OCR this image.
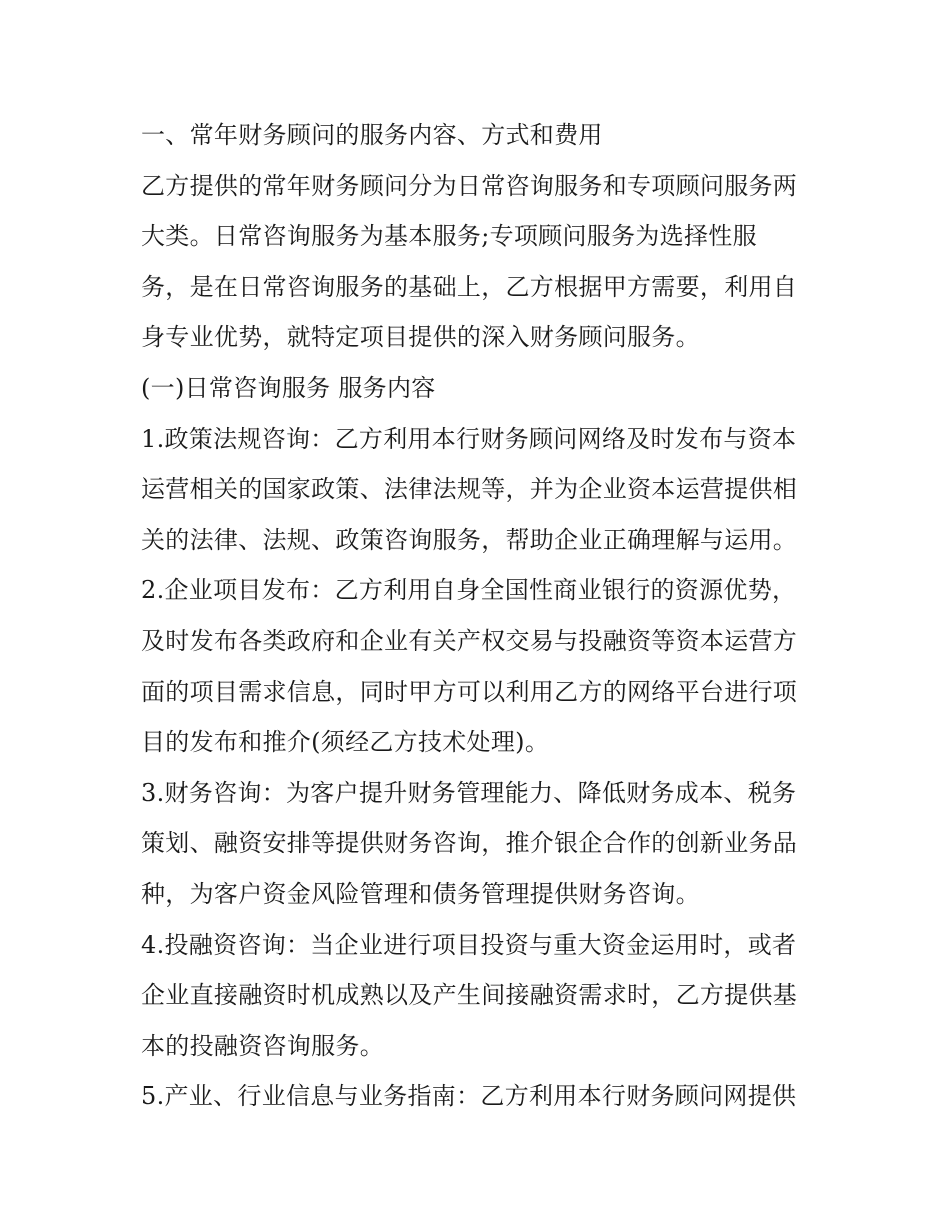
一、常年财务顾问的服务内容、方式和费用
乙方提供的常年财务顾问分为日常咨询服务和专项顾问服务两
大类。日常咨询服务为基本服务;专项顾问服务为选择性服
务，是在日常咨询服务的基础上，乙方根据甲方需要，利用自
身专业优势，就特定项目提供的深入财务顾问服务。
(一)日常咨询服务 服务内容
1.政策法规咨询：乙方利用本行财务顾问网络及时发布与资本
运营相关的国家政策、法律法规等，并为企业资本运营提供相
关的法律、法规、政策咨询服务，帮助企业正确理解与运用。
2.企业项目发布：乙方利用自身全国性商业银行的资源优势，
及时发布各类政府和企业有关产权交易与投融资等资本运营方
面的项目需求信息，同时甲方可以利用乙方的网络平台进行项
目的发布和推介(须经乙方技术处理)。
3.财务咨询：为客户提升财务管理能力、降低财务成本、税务
策划、融资安排等提供财务咨询，推介银企合作的创新业务品
种，为客户资金风险管理和债务管理提供财务咨询。
4.投融资咨询：当企业进行项目投资与重大资金运用时，或者
企业直接融资时机成熟以及产生间接融资需求时，乙方提供基
本的投融资咨询服务。
5.产业、行业信息与业务指南：乙方利用本行财务顾问网提供
